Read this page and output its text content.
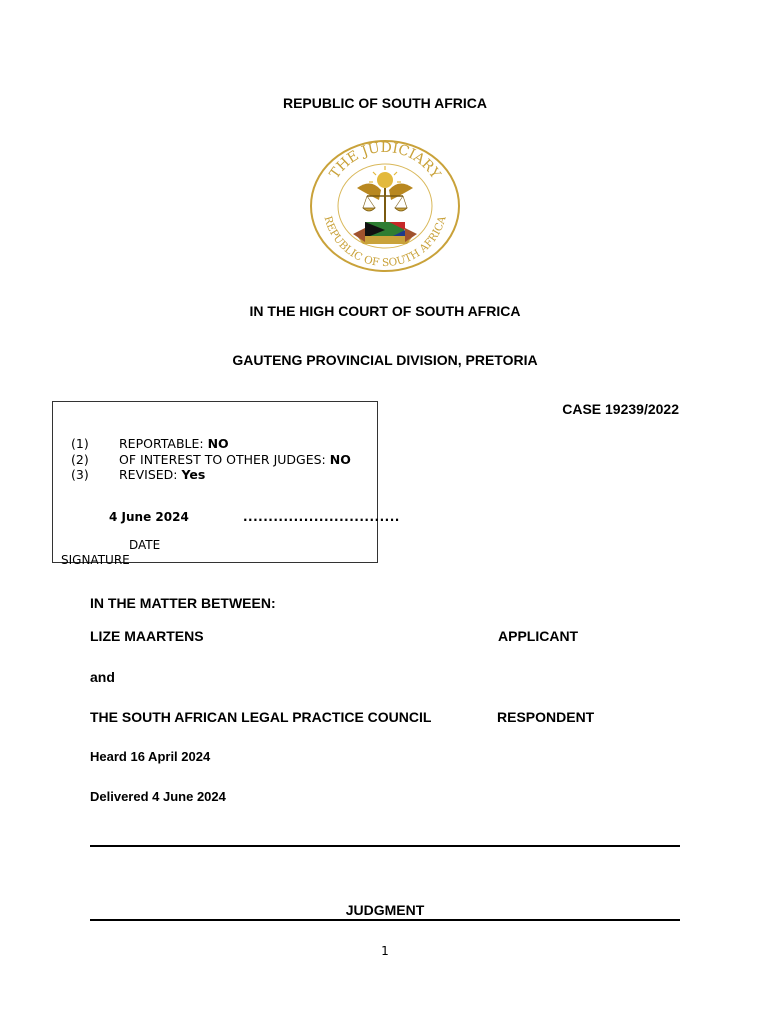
REPUBLIC OF SOUTH AFRICA
THE JUDICIARY
REPUBLIC OF SOUTH AFRICA
IN THE HIGH COURT OF SOUTH AFRICA
GAUTENG PROVINCIAL DIVISION, PRETORIA
CASE 19239/2022
(1) REPORTABLE: NO
(2) OF INTEREST TO OTHER JUDGES: NO
(3) REVISED: Yes
4 June 2024	...............................
DATE
SIGNATURE
IN THE MATTER BETWEEN:
LIZE MAARTENS	APPLICANT
and
THE SOUTH AFRICAN LEGAL PRACTICE COUNCIL	RESPONDENT
Heard 16 April 2024
Delivered 4 June 2024
JUDGMENT
1
